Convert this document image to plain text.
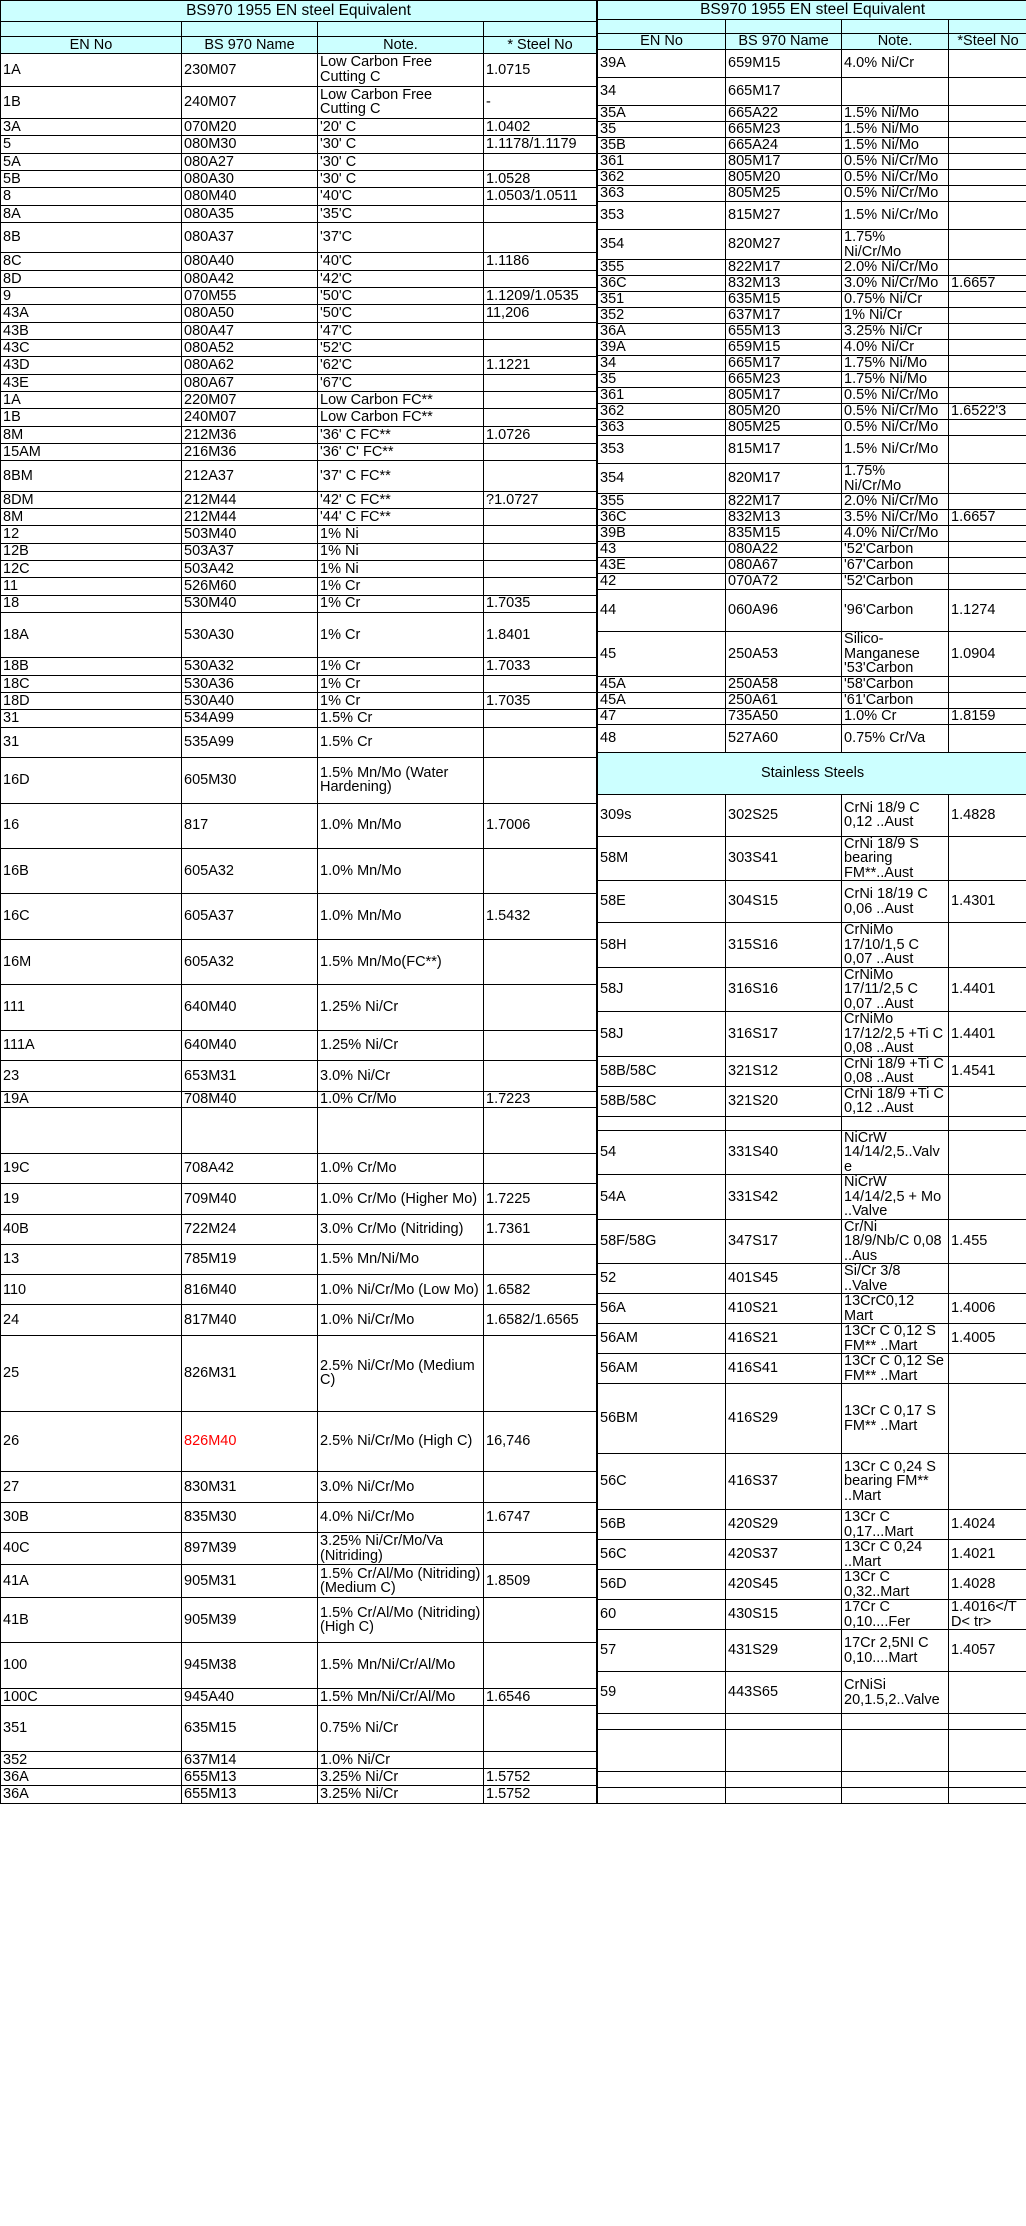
BS970 1955 EN steel Equivalent			

EN No	BS 970 Name	Note.	* Steel No
1A	230M07	Low Carbon Free Cutting C	1.0715
1B	240M07	Low Carbon Free Cutting C	-
3A	070M20	'20' C	1.0402
5	080M30	'30' C	1.1178/1.1179
5A	080A27	'30' C	
5B	080A30	'30' C	1.0528
8	080M40	'40'C	1.0503/1.0511
8A	080A35	'35'C	
8B	080A37	'37'C	
8C	080A40	'40'C	1.1186
8D	080A42	'42'C	
9	070M55	'50'C	1.1209/1.0535
43A	080A50	'50'C	11,206
43B	080A47	'47'C	
43C	080A52	'52'C	
43D	080A62	'62'C	1.1221
43E	080A67	'67'C	
1A	220M07	Low Carbon FC**	
1B	240M07	Low Carbon FC**	
8M	212M36	'36' C FC**	1.0726
15AM	216M36	'36' C' FC**	
8BM	212A37	'37' C FC**	
8DM	212M44	'42' C FC**	?1.0727
8M	212M44	'44' C FC**	
12	503M40	1% Ni	
12B	503A37	1% Ni	
12C	503A42	1% Ni	
11	526M60	1% Cr	
18	530M40	1% Cr	1.7035
18A	530A30	1% Cr	1.8401
18B	530A32	1% Cr	1.7033
18C	530A36	1% Cr	
18D	530A40	1% Cr	1.7035
31	534A99	1.5% Cr	
31	535A99	1.5% Cr	
16D	605M30	1.5% Mn/Mo (Water Hardening)	
16	817	1.0% Mn/Mo	1.7006
16B	605A32	1.0% Mn/Mo	
16C	605A37	1.0% Mn/Mo	1.5432
16M	605A32	1.5% Mn/Mo(FC**)	
111	640M40	1.25% Ni/Cr	
111A	640M40	1.25% Ni/Cr	
23	653M31	3.0% Ni/Cr	
19A	708M40	1.0% Cr/Mo	1.7223

19C	708A42	1.0% Cr/Mo	
19	709M40	1.0% Cr/Mo (Higher Mo)	1.7225
40B	722M24	3.0% Cr/Mo (Nitriding)	1.7361
13	785M19	1.5% Mn/Ni/Mo	
110	816M40	1.0% Ni/Cr/Mo (Low Mo)	1.6582
24	817M40	1.0% Ni/Cr/Mo	1.6582/1.6565
25	826M31	2.5% Ni/Cr/Mo (Medium C)	
26	826M40	2.5% Ni/Cr/Mo (High C)	16,746
27	830M31	3.0% Ni/Cr/Mo	
30B	835M30	4.0% Ni/Cr/Mo	1.6747
40C	897M39	3.25% Ni/Cr/Mo/Va (Nitriding)	
41A	905M31	1.5% Cr/Al/Mo (Nitriding)(Medium C)	1.8509
41B	905M39	1.5% Cr/Al/Mo (Nitriding)(High C)	
100	945M38	1.5% Mn/Ni/Cr/Al/Mo	
100C	945A40	1.5% Mn/Ni/Cr/Al/Mo	1.6546
351	635M15	0.75% Ni/Cr	
352	637M14	1.0% Ni/Cr	
36A	655M13	3.25% Ni/Cr	1.5752
36A	655M13	3.25% Ni/Cr	1.5752
BS970 1955 EN steel Equivalent			

EN No	BS 970 Name	Note.	*Steel No
39A	659M15	4.0% Ni/Cr	
34	665M17		
35A	665A22	1.5% Ni/Mo	
35	665M23	1.5% Ni/Mo	
35B	665A24	1.5% Ni/Mo	
361	805M17	0.5% Ni/Cr/Mo	
362	805M20	0.5% Ni/Cr/Mo	
363	805M25	0.5% Ni/Cr/Mo	
353	815M27	1.5% Ni/Cr/Mo	
354	820M27	1.75% Ni/Cr/Mo	
355	822M17	2.0% Ni/Cr/Mo	
36C	832M13	3.0% Ni/Cr/Mo	1.6657
351	635M15	0.75% Ni/Cr	
352	637M17	1% Ni/Cr	
36A	655M13	3.25% Ni/Cr	
39A	659M15	4.0% Ni/Cr	
34	665M17	1.75% Ni/Mo	
35	665M23	1.75% Ni/Mo	
361	805M17	0.5% Ni/Cr/Mo	
362	805M20	0.5% Ni/Cr/Mo	1.6522'3
363	805M25	0.5% Ni/Cr/Mo	
353	815M17	1.5% Ni/Cr/Mo	
354	820M17	1.75% Ni/Cr/Mo	
355	822M17	2.0% Ni/Cr/Mo	
36C	832M13	3.5% Ni/Cr/Mo	1.6657
39B	835M15	4.0% Ni/Cr/Mo	
43	080A22	'52'Carbon	
43E	080A67	'67'Carbon	
42	070A72	'52'Carbon	
44	060A96	'96'Carbon	1.1274
45	250A53	Silico-Manganese '53'Carbon	1.0904
45A	250A58	'58'Carbon	
45A	250A61	'61'Carbon	
47	735A50	1.0% Cr	1.8159
48	527A60	0.75% Cr/Va	
Stainless Steels			
309s	302S25	CrNi 18/9 C 0,12 ..Aust	1.4828
58M	303S41	CrNi 18/9 S bearing FM**..Aust	
58E	304S15	CrNi 18/19 C 0,06 ..Aust	1.4301
58H	315S16	CrNiMo 17/10/1,5 C 0,07 ..Aust	
58J	316S16	CrNiMo 17/11/2,5 C 0,07 ..Aust	1.4401
58J	316S17	CrNiMo 17/12/2,5 +Ti C 0,08 ..Aust	1.4401
58B/58C	321S12	CrNi 18/9 +Ti C 0,08 ..Aust	1.4541
58B/58C	321S20	CrNi 18/9 +Ti C 0,12 ..Aust	

54	331S40	NiCrW 14/14/2,5..Valve	
54A	331S42	NiCrW 14/14/2,5 + Mo ..Valve	
58F/58G	347S17	Cr/Ni 18/9/Nb/C 0,08 ..Aus	1.455
52	401S45	Si/Cr 3/8 ..Valve	
56A	410S21	13CrC0,12 Mart	1.4006
56AM	416S21	13Cr C 0,12 S FM** ..Mart	1.4005
56AM	416S41	13Cr C 0,12 Se FM** ..Mart	
56BM	416S29	13Cr C 0,17 S FM** ..Mart	
56C	416S37	13Cr C 0,24 S bearing FM** ..Mart	
56B	420S29	13Cr C 0,17...Mart	1.4024
56C	420S37	13Cr C 0,24 ..Mart	1.4021
56D	420S45	13Cr C 0,32..Mart	1.4028
60	430S15	17Cr C 0,10....Fer	1.4016</TD< tr>
57	431S29	17Cr 2,5NI C 0,10....Mart	1.4057
59	443S65	CrNiSi 20,1.5,2..Valve	
